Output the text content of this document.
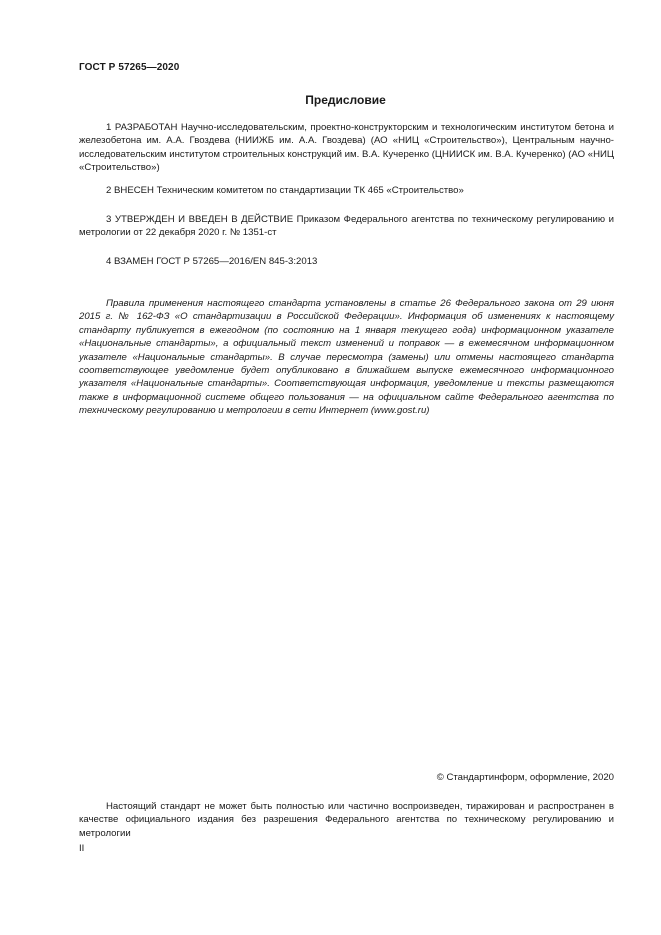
ГОСТ Р 57265—2020
Предисловие

1 РАЗРАБОТАН Научно-исследовательским, проектно-конструкторским и технологическим институтом бетона и железобетона им. А.А. Гвоздева (НИИЖБ им. А.А. Гвоздева) (АО «НИЦ «Строительство»), Центральным научно-исследовательским институтом строительных конструкций им. В.А. Кучеренко (ЦНИИСК им. В.А. Кучеренко) (АО «НИЦ «Строительство»)

2 ВНЕСЕН Техническим комитетом по стандартизации ТК 465 «Строительство»

3 УТВЕРЖДЕН И ВВЕДЕН В ДЕЙСТВИЕ Приказом Федерального агентства по техническому регулированию и метрологии от 22 декабря 2020 г. № 1351-ст

4 ВЗАМЕН ГОСТ Р 57265—2016/EN 845-3:2013

Правила применения настоящего стандарта установлены в статье 26 Федерального закона от 29 июня 2015 г. № 162-ФЗ «О стандартизации в Российской Федерации». Информация об изменениях к настоящему стандарту публикуется в ежегодном (по состоянию на 1 января текущего года) информационном указателе «Национальные стандарты», а официальный текст изменений и поправок — в ежемесячном информационном указателе «Национальные стандарты». В случае пересмотра (замены) или отмены настоящего стандарта соответствующее уведомление будет опубликовано в ближайшем выпуске ежемесячного информационного указателя «Национальные стандарты». Соответствующая информация, уведомление и тексты размещаются также в информационной системе общего пользования — на официальном сайте Федерального агентства по техническому регулированию и метрологии в сети Интернет (www.gost.ru)

© Стандартинформ, оформление, 2020

Настоящий стандарт не может быть полностью или частично воспроизведен, тиражирован и распространен в качестве официального издания без разрешения Федерального агентства по техническому регулированию и метрологии

II
